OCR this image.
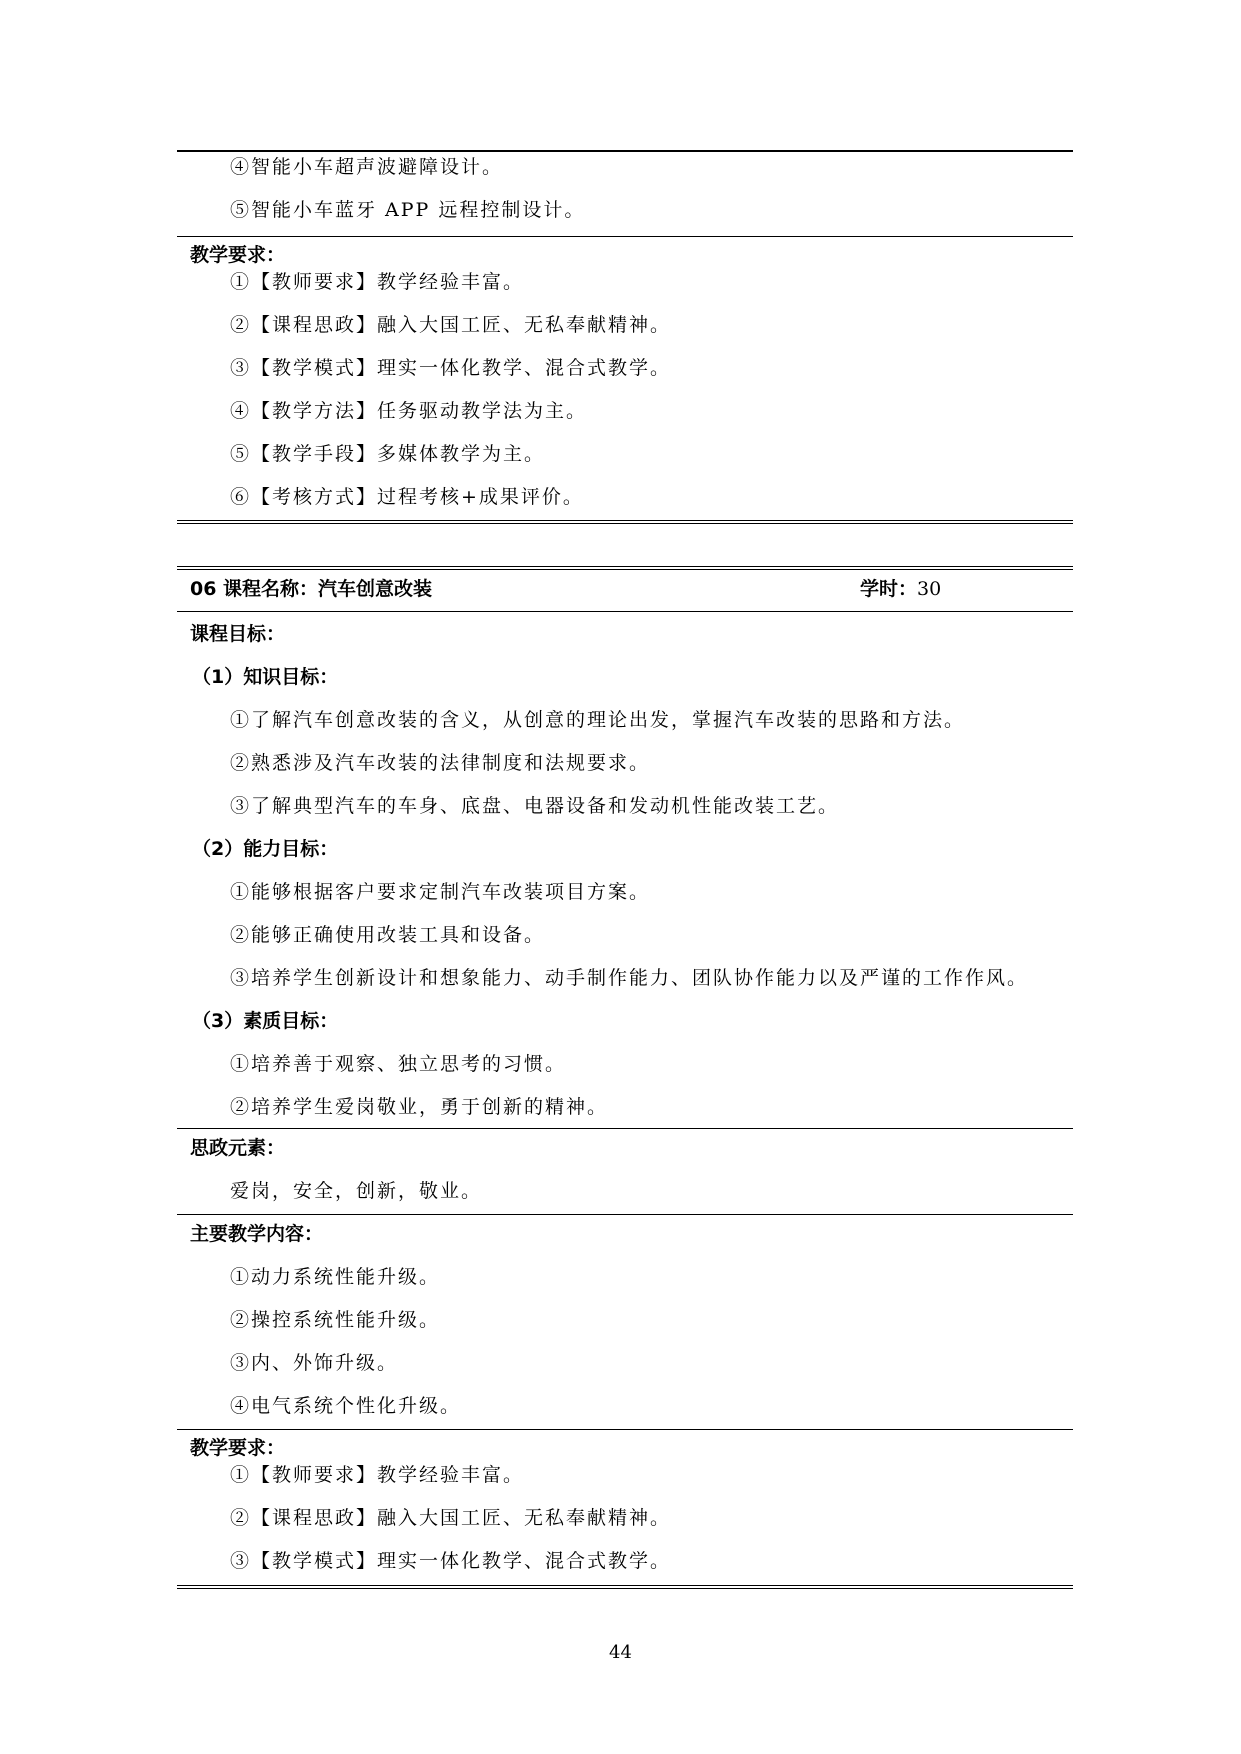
④智能小车超声波避障设计。
⑤智能小车蓝牙 APP 远程控制设计。
教学要求：
①【教师要求】教学经验丰富。
②【课程思政】融入大国工匠、无私奉献精神。
③【教学模式】理实一体化教学、混合式教学。
④【教学方法】任务驱动教学法为主。
⑤【教学手段】多媒体教学为主。
⑥【考核方式】过程考核+成果评价。
06 课程名称：汽车创意改装	学时：30
课程目标：
（1）知识目标：
①了解汽车创意改装的含义，从创意的理论出发，掌握汽车改装的思路和方法。
②熟悉涉及汽车改装的法律制度和法规要求。
③了解典型汽车的车身、底盘、电器设备和发动机性能改装工艺。
（2）能力目标：
①能够根据客户要求定制汽车改装项目方案。
②能够正确使用改装工具和设备。
③培养学生创新设计和想象能力、动手制作能力、团队协作能力以及严谨的工作作风。
（3）素质目标：
①培养善于观察、独立思考的习惯。
②培养学生爱岗敬业，勇于创新的精神。
思政元素：
爱岗，安全，创新，敬业。
主要教学内容：
①动力系统性能升级。
②操控系统性能升级。
③内、外饰升级。
④电气系统个性化升级。
教学要求：
①【教师要求】教学经验丰富。
②【课程思政】融入大国工匠、无私奉献精神。
③【教学模式】理实一体化教学、混合式教学。
44
